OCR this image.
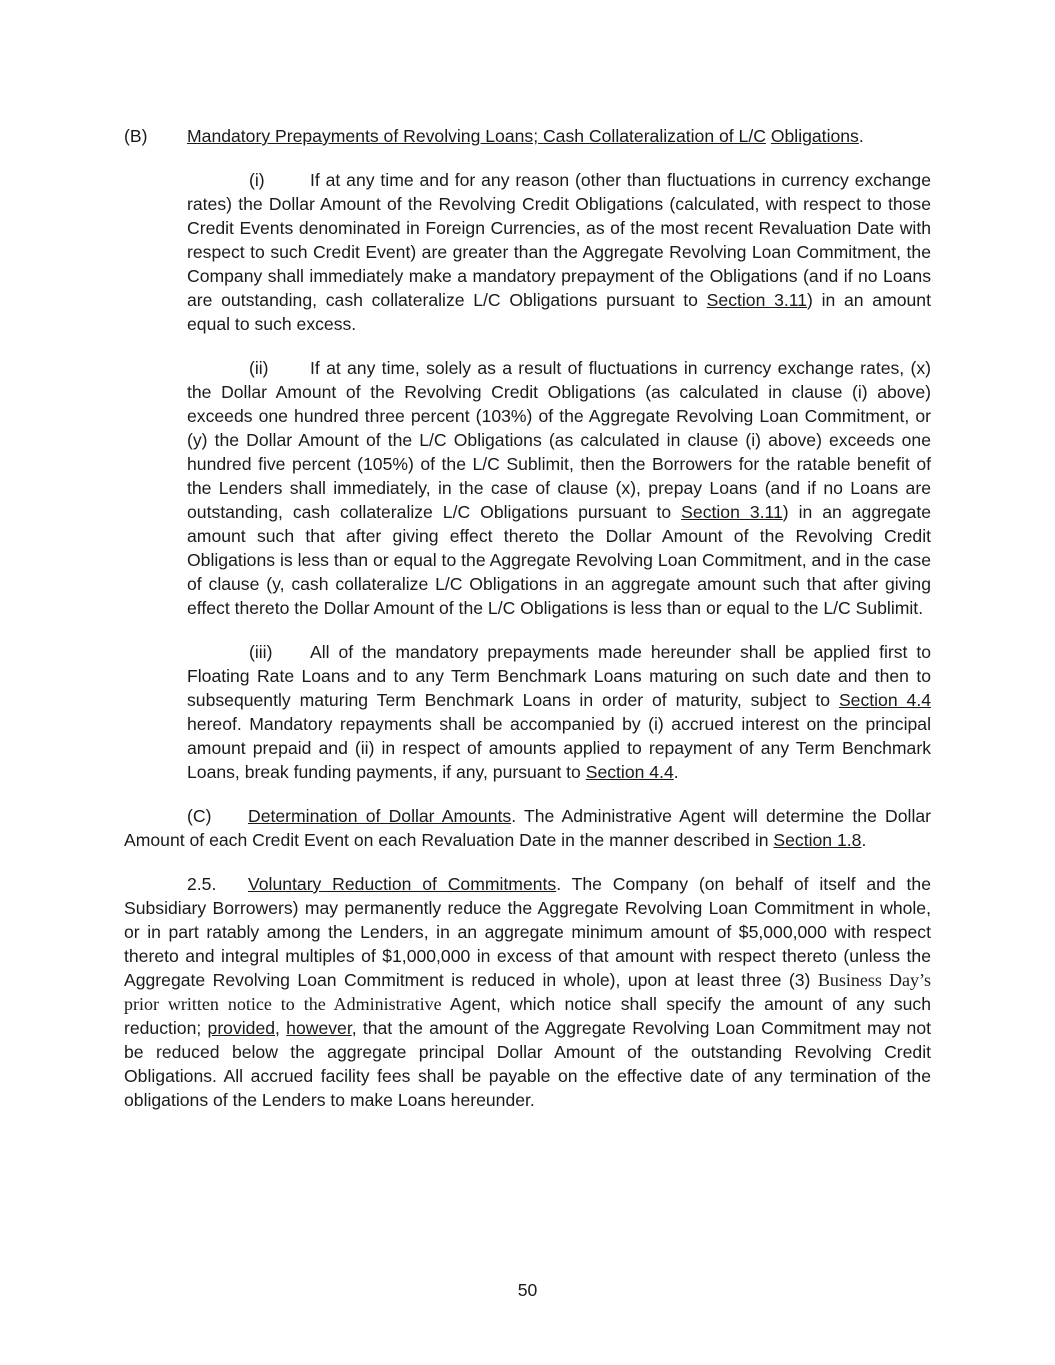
(B) Mandatory Prepayments of Revolving Loans; Cash Collateralization of L/C Obligations.

(i)	If at any time and for any reason (other than fluctuations in currency exchange rates) the Dollar Amount of the Revolving Credit Obligations (calculated, with respect to those Credit Events denominated in Foreign Currencies, as of the most recent Revaluation Date with respect to such Credit Event) are greater than the Aggregate Revolving Loan Commitment, the Company shall immediately make a mandatory prepayment of the Obligations (and if no Loans are outstanding, cash collateralize L/C Obligations pursuant to Section 3.11) in an amount equal to such excess.

(ii) If at any time, solely as a result of fluctuations in currency exchange rates, (x) the Dollar Amount of the Revolving Credit Obligations (as calculated in clause (i) above) exceeds one hundred three percent (103%) of the Aggregate Revolving Loan Commitment, or (y) the Dollar Amount of the L/C Obligations (as calculated in clause (i) above) exceeds one hundred five percent (105%) of the L/C Sublimit, then the Borrowers for the ratable benefit of the Lenders shall immediately, in the case of clause (x), prepay Loans (and if no Loans are outstanding, cash collateralize L/C Obligations pursuant to Section 3.11) in an aggregate amount such that after giving effect thereto the Dollar Amount of the Revolving Credit Obligations is less than or equal to the Aggregate Revolving Loan Commitment, and in the case of clause (y, cash collateralize L/C Obligations in an aggregate amount such that after giving effect thereto the Dollar Amount of the L/C Obligations is less than or equal to the L/C Sublimit.

(iii) All of the mandatory prepayments made hereunder shall be applied first to Floating Rate Loans and to any Term Benchmark Loans maturing on such date and then to subsequently maturing Term Benchmark Loans in order of maturity, subject to Section 4.4 hereof. Mandatory repayments shall be accompanied by (i) accrued interest on the principal amount prepaid and (ii) in respect of amounts applied to repayment of any Term Benchmark Loans, break funding payments, if any, pursuant to Section 4.4.

(C) Determination of Dollar Amounts. The Administrative Agent will determine the Dollar Amount of each Credit Event on each Revaluation Date in the manner described in Section 1.8.

2.5. Voluntary Reduction of Commitments. The Company (on behalf of itself and the Subsidiary Borrowers) may permanently reduce the Aggregate Revolving Loan Commitment in whole, or in part ratably among the Lenders, in an aggregate minimum amount of $5,000,000 with respect thereto and integral multiples of $1,000,000 in excess of that amount with respect thereto (unless the Aggregate Revolving Loan Commitment is reduced in whole), upon at least three (3) Business Day’s prior written notice to the Administrative Agent, which notice shall specify the amount of any such reduction; provided, however, that the amount of the Aggregate Revolving Loan Commitment may not be reduced below the aggregate principal Dollar Amount of the outstanding Revolving Credit Obligations. All accrued facility fees shall be payable on the effective date of any termination of the obligations of the Lenders to make Loans hereunder.

50
